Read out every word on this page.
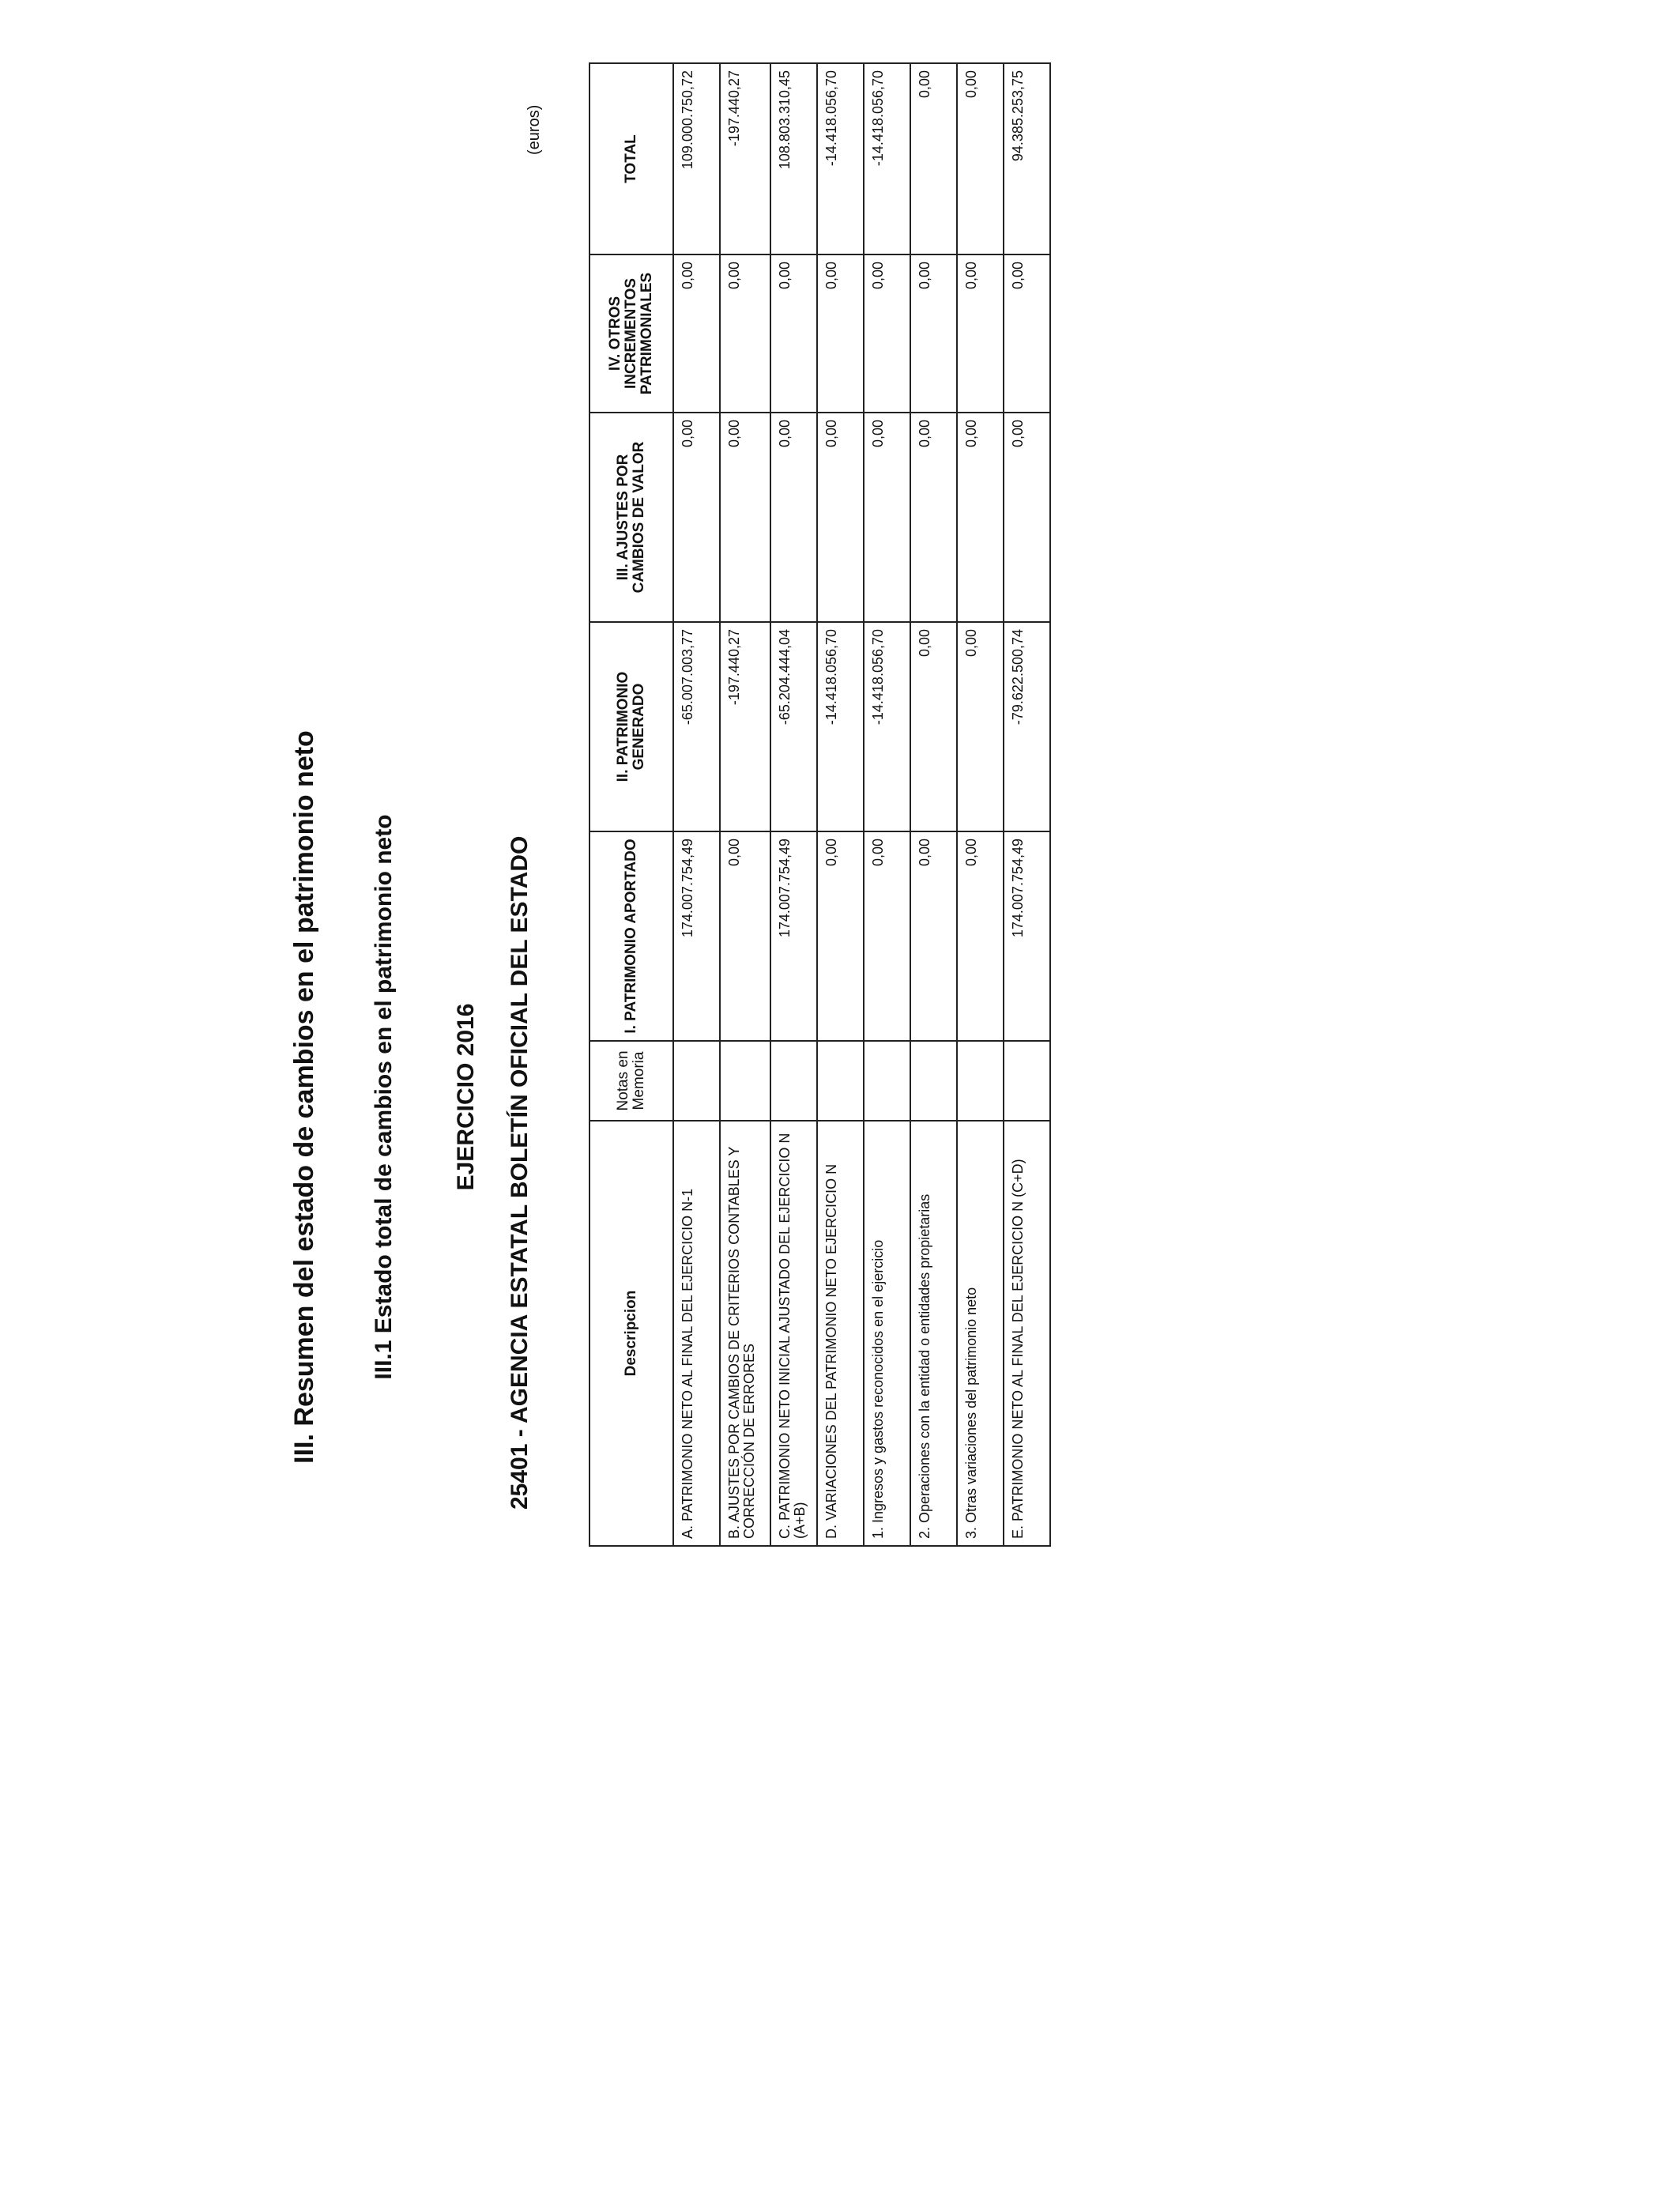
III. Resumen del estado de cambios en el patrimonio neto III.1 Estado total de cambios en el patrimonio neto EJERCICIO 2016 25401 - AGENCIA ESTATAL BOLETÍN OFICIAL DEL ESTADO
(euros)
Descripcion	Notas en Memoria	I. PATRIMONIO APORTADO	II. PATRIMONIO GENERADO	III. AJUSTES POR CAMBIOS DE VALOR	IV. OTROS INCREMENTOS PATRIMONIALES	TOTAL
A. PATRIMONIO NETO AL FINAL DEL EJERCICIO N-1		174.007.754,49	-65.007.003,77	0,00	0,00	109.000.750,72
B. AJUSTES POR CAMBIOS DE CRITERIOS CONTABLES Y CORRECCIÓN DE ERRORES		0,00	-197.440,27	0,00	0,00	-197.440,27
C. PATRIMONIO NETO INICIAL AJUSTADO DEL EJERCICIO N (A+B)		174.007.754,49	-65.204.444,04	0,00	0,00	108.803.310,45
D. VARIACIONES DEL PATRIMONIO NETO EJERCICIO N		0,00	-14.418.056,70	0,00	0,00	-14.418.056,70
1. Ingresos y gastos reconocidos en el ejercicio		0,00	-14.418.056,70	0,00	0,00	-14.418.056,70
2. Operaciones con la entidad o entidades propietarias		0,00	0,00	0,00	0,00	0,00
3. Otras variaciones del patrimonio neto		0,00	0,00	0,00	0,00	0,00
E. PATRIMONIO NETO AL FINAL DEL EJERCICIO N (C+D)		174.007.754,49	-79.622.500,74	0,00	0,00	94.385.253,75
